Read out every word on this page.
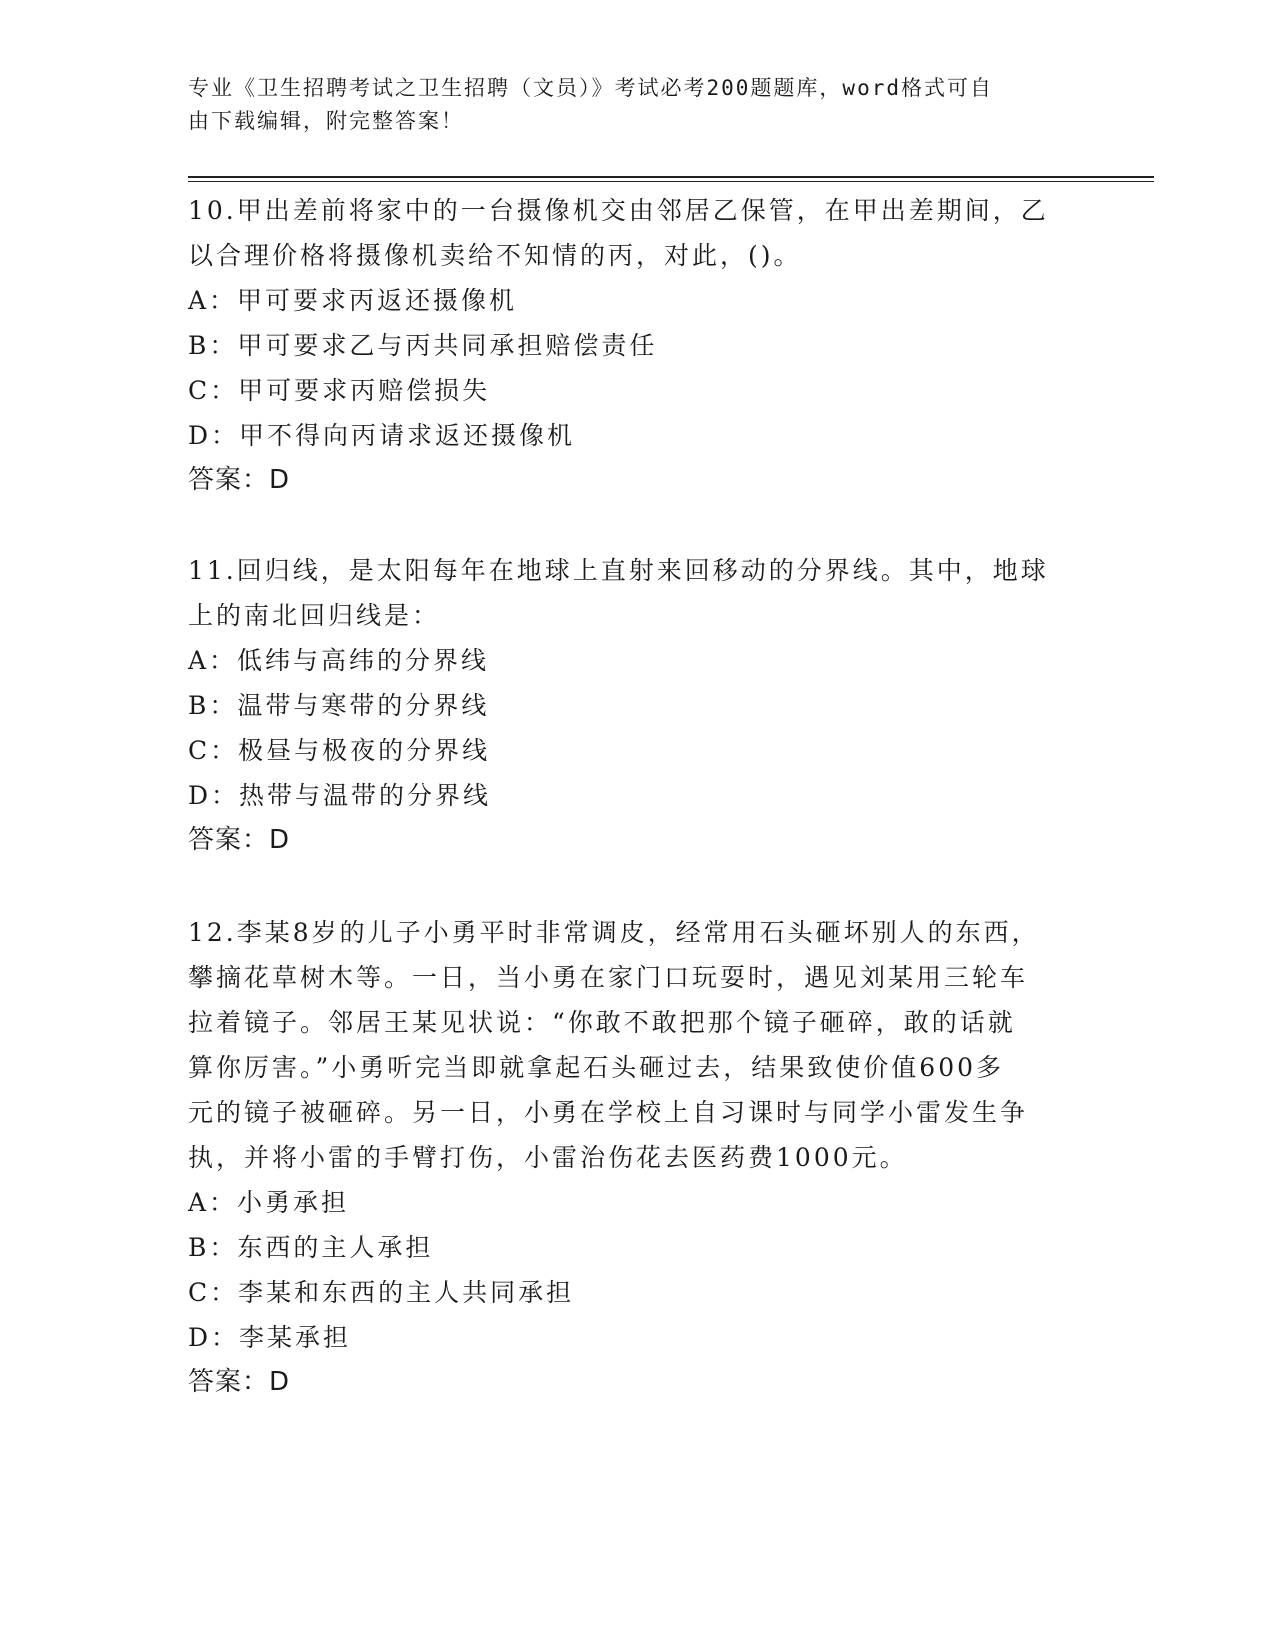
专业《卫生招聘考试之卫生招聘（文员）》考试必考200题题库，word格式可自
由下载编辑，附完整答案！

10.甲出差前将家中的一台摄像机交由邻居乙保管，在甲出差期间，乙

以合理价格将摄像机卖给不知情的丙，对此，()。

A：甲可要求丙返还摄像机

B：甲可要求乙与丙共同承担赔偿责任

C：甲可要求丙赔偿损失

D：甲不得向丙请求返还摄像机

答案：D

11.回归线，是太阳每年在地球上直射来回移动的分界线。其中，地球

上的南北回归线是：

A：低纬与高纬的分界线

B：温带与寒带的分界线

C：极昼与极夜的分界线

D：热带与温带的分界线

答案：D

12.李某8岁的儿子小勇平时非常调皮，经常用石头砸坏别人的东西，

攀摘花草树木等。一日，当小勇在家门口玩耍时，遇见刘某用三轮车

拉着镜子。邻居王某见状说：“你敢不敢把那个镜子砸碎，敢的话就

算你厉害。”小勇听完当即就拿起石头砸过去，结果致使价值600多

元的镜子被砸碎。另一日，小勇在学校上自习课时与同学小雷发生争

执，并将小雷的手臂打伤，小雷治伤花去医药费1000元。

A：小勇承担

B：东西的主人承担

C：李某和东西的主人共同承担

D：李某承担

答案：D
